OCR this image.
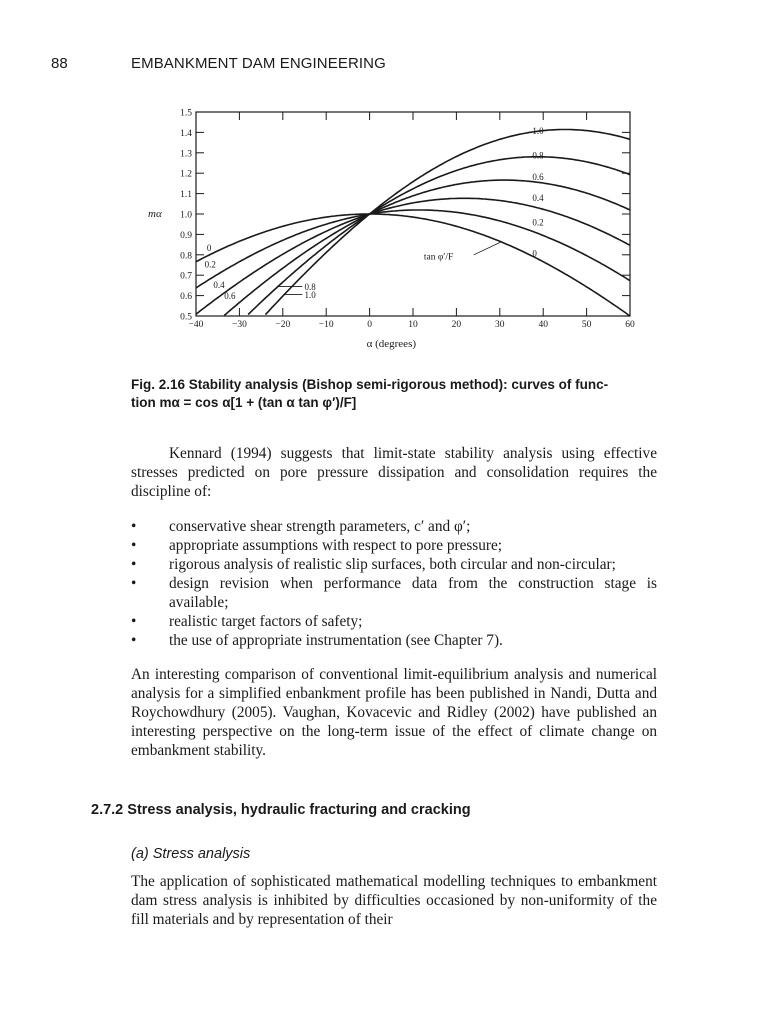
88	EMBANKMENT DAM ENGINEERING
0.5
0.6
0.7
0.8
0.9
1.0
1.1
1.2
1.3
1.4
1.5
−40	−30	−20	−10	0	10	20	30	40	50	60
mα
α (degrees)
1.0
0.8
0.6
0.4
0.2
0
0
0.2
0.4
0.6
0.8
1.0
tan φ′/F
Fig. 2.16 Stability analysis (Bishop semi-rigorous method): curves of func-
tion mα = cos α[1 + (tan α tan φ′)/F]
Kennard (1994) suggests that limit-state stability analysis using effective stresses predicted on pore pressure dissipation and consolidation requires the discipline of:
• conservative shear strength parameters, c′ and φ′;
• appropriate assumptions with respect to pore pressure;
• rigorous analysis of realistic slip surfaces, both circular and non-circular;
• design revision when performance data from the construction stage is available;
• realistic target factors of safety;
• the use of appropriate instrumentation (see Chapter 7).
An interesting comparison of conventional limit-equilibrium analysis and numerical analysis for a simplified enbankment profile has been published in Nandi, Dutta and Roychowdhury (2005). Vaughan, Kovacevic and Ridley (2002) have published an interesting perspective on the long-term issue of the effect of climate change on embankment stability.
2.7.2 Stress analysis, hydraulic fracturing and cracking
(a) Stress analysis
The application of sophisticated mathematical modelling techniques to embankment dam stress analysis is inhibited by difficulties occasioned by non-uniformity of the fill materials and by representation of their
